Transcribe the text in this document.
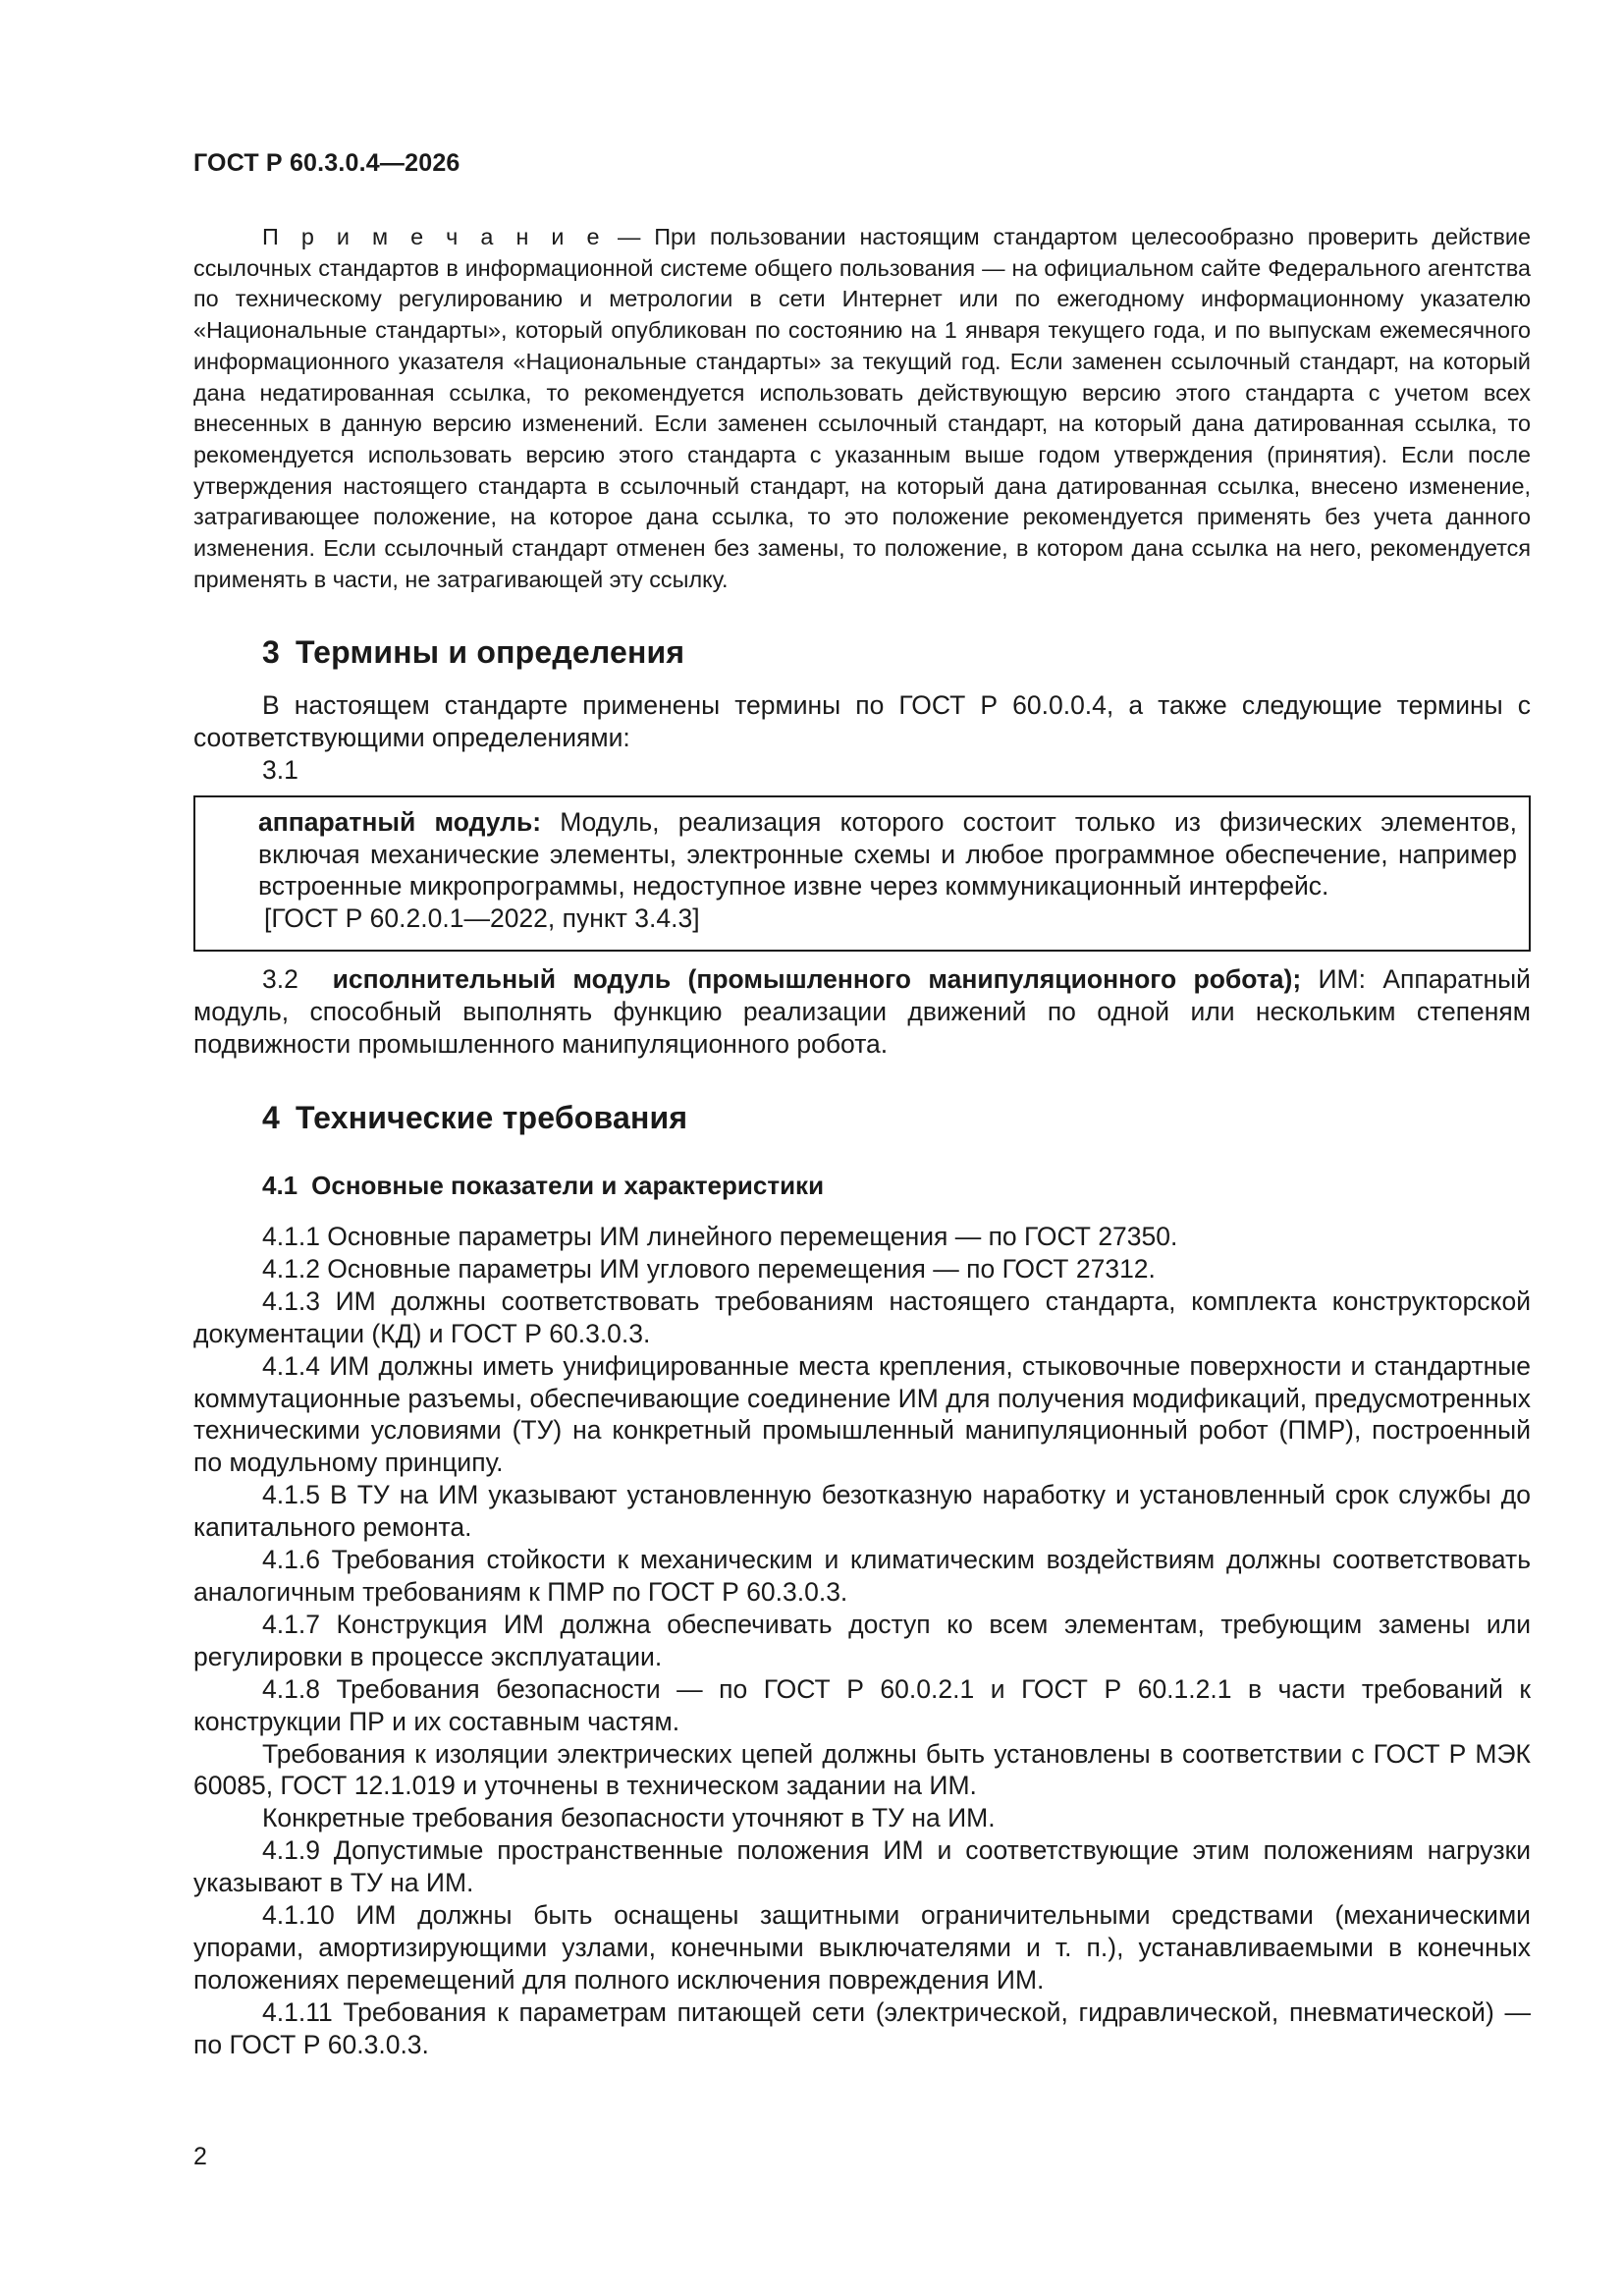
ГОСТ Р 60.3.0.4—2026
П р и м е ч а н и е — При пользовании настоящим стандартом целесообразно проверить действие ссылочных стандартов в информационной системе общего пользования — на официальном сайте Федерального агентства по техническому регулированию и метрологии в сети Интернет или по ежегодному информационному указателю «Национальные стандарты», который опубликован по состоянию на 1 января текущего года, и по выпускам ежемесячного информационного указателя «Национальные стандарты» за текущий год. Если заменен ссылочный стандарт, на который дана недатированная ссылка, то рекомендуется использовать действующую версию этого стандарта с учетом всех внесенных в данную версию изменений. Если заменен ссылочный стандарт, на который дана датированная ссылка, то рекомендуется использовать версию этого стандарта с указанным выше годом утверждения (принятия). Если после утверждения настоящего стандарта в ссылочный стандарт, на который дана датированная ссылка, внесено изменение, затрагивающее положение, на которое дана ссылка, то это положение рекомендуется применять без учета данного изменения. Если ссылочный стандарт отменен без замены, то положение, в котором дана ссылка на него, рекомендуется применять в части, не затрагивающей эту ссылку.
3 Термины и определения

В настоящем стандарте применены термины по ГОСТ Р 60.0.0.4, а также следующие термины с соответствующими определениями:

3.1

аппаратный модуль: Модуль, реализация которого состоит только из физических элементов, включая механические элементы, электронные схемы и любое программное обеспечение, например встроенные микропрограммы, недоступное извне через коммуникационный интерфейс.
[ГОСТ Р 60.2.0.1—2022, пункт 3.4.3]

3.2 исполнительный модуль (промышленного манипуляционного робота); ИМ: Аппаратный модуль, способный выполнять функцию реализации движений по одной или нескольким степеням подвижности промышленного манипуляционного робота.

4 Технические требования
4.1 Основные показатели и характеристики

4.1.1 Основные параметры ИМ линейного перемещения — по ГОСТ 27350.

4.1.2 Основные параметры ИМ углового перемещения — по ГОСТ 27312.

4.1.3 ИМ должны соответствовать требованиям настоящего стандарта, комплекта конструкторской документации (КД) и ГОСТ Р 60.3.0.3.

4.1.4 ИМ должны иметь унифицированные места крепления, стыковочные поверхности и стандартные коммутационные разъемы, обеспечивающие соединение ИМ для получения модификаций, предусмотренных техническими условиями (ТУ) на конкретный промышленный манипуляционный робот (ПМР), построенный по модульному принципу.

4.1.5 В ТУ на ИМ указывают установленную безотказную наработку и установленный срок службы до капитального ремонта.

4.1.6 Требования стойкости к механическим и климатическим воздействиям должны соответствовать аналогичным требованиям к ПМР по ГОСТ Р 60.3.0.3.

4.1.7 Конструкция ИМ должна обеспечивать доступ ко всем элементам, требующим замены или регулировки в процессе эксплуатации.

4.1.8 Требования безопасности — по ГОСТ Р 60.0.2.1 и ГОСТ Р 60.1.2.1 в части требований к конструкции ПР и их составным частям.

Требования к изоляции электрических цепей должны быть установлены в соответствии с ГОСТ Р МЭК 60085, ГОСТ 12.1.019 и уточнены в техническом задании на ИМ.

Конкретные требования безопасности уточняют в ТУ на ИМ.

4.1.9 Допустимые пространственные положения ИМ и соответствующие этим положениям нагрузки указывают в ТУ на ИМ.

4.1.10 ИМ должны быть оснащены защитными ограничительными средствами (механическими упорами, амортизирующими узлами, конечными выключателями и т. п.), устанавливаемыми в конечных положениях перемещений для полного исключения повреждения ИМ.

4.1.11 Требования к параметрам питающей сети (электрической, гидравлической, пневматической) — по ГОСТ Р 60.3.0.3.

2
